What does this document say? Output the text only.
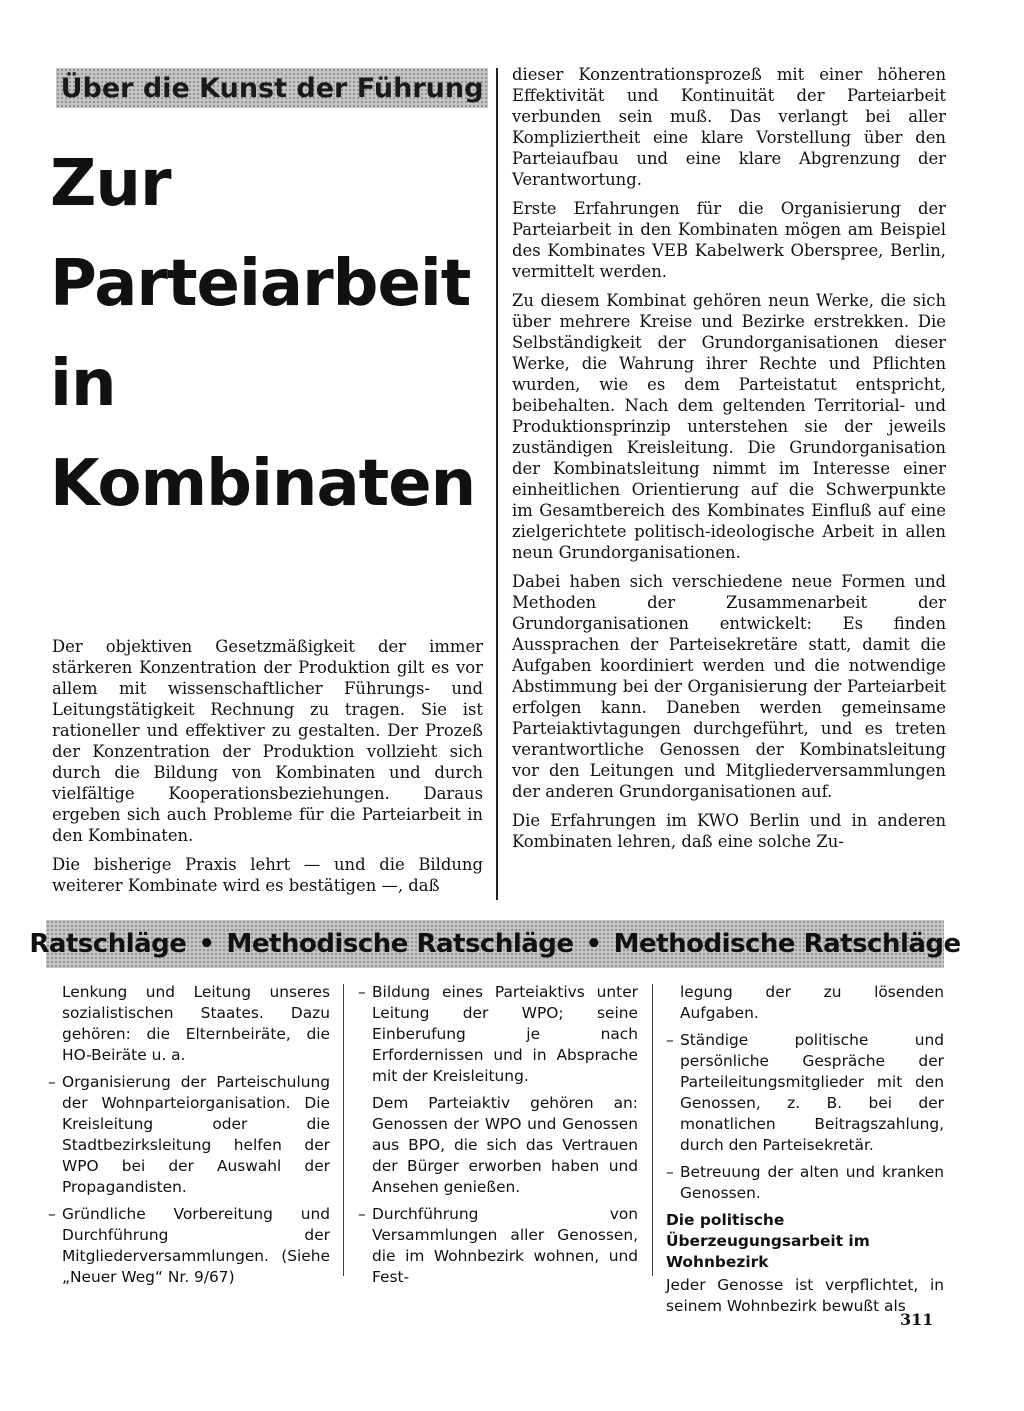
Über die Kunst der Führung
Zur
Parteiarbeit
in
Kombinaten

Der objektiven Gesetzmäßigkeit der immer stärkeren Konzentration der Produktion gilt es vor allem mit wissenschaftlicher Führungs- und Leitungstätigkeit Rechnung zu tragen. Sie ist rationeller und effektiver zu gestalten. Der Prozeß der Konzentration der Produktion vollzieht sich durch die Bildung von Kombinaten und durch vielfältige Kooperationsbeziehungen. Daraus ergeben sich auch Probleme für die Parteiarbeit in den Kombinaten.

Die bisherige Praxis lehrt — und die Bildung weiterer Kombinate wird es bestätigen —, daß

dieser Konzentrationsprozeß mit einer höheren Effektivität und Kontinuität der Parteiarbeit verbunden sein muß. Das verlangt bei aller Kompliziertheit eine klare Vorstellung über den Parteiaufbau und eine klare Abgrenzung der Verantwortung.

Erste Erfahrungen für die Organisierung der Parteiarbeit in den Kombinaten mögen am Beispiel des Kombinates VEB Kabelwerk Oberspree, Berlin, vermittelt werden.

Zu diesem Kombinat gehören neun Werke, die sich über mehrere Kreise und Bezirke erstrekken. Die Selbständigkeit der Grundorganisationen dieser Werke, die Wahrung ihrer Rechte und Pflichten wurden, wie es dem Parteistatut entspricht, beibehalten. Nach dem geltenden Territorial- und Produktionsprinzip unterstehen sie der jeweils zuständigen Kreisleitung. Die Grundorganisation der Kombinatsleitung nimmt im Interesse einer einheitlichen Orientierung auf die Schwerpunkte im Gesamtbereich des Kombinates Einfluß auf eine zielgerichtete politisch-ideologische Arbeit in allen neun Grundorganisationen.

Dabei haben sich verschiedene neue Formen und Methoden der Zusammenarbeit der Grundorganisationen entwickelt: Es finden Aussprachen der Parteisekretäre statt, damit die Aufgaben koordiniert werden und die notwendige Abstimmung bei der Organisierung der Parteiarbeit erfolgen kann. Daneben werden gemeinsame Parteiaktivtagungen durchgeführt, und es treten verantwortliche Genossen der Kombinatsleitung vor den Leitungen und Mitgliederversammlungen der anderen Grundorganisationen auf.

Die Erfahrungen im KWO Berlin und in anderen Kombinaten lehren, daß eine solche Zu-

Ratschläge • Methodische Ratschläge • Methodische Ratschläge

Lenkung und Leitung unseres sozialistischen Staates. Dazu gehören: die Elternbeiräte, die HO-Beiräte u. a.

– Organisierung der Parteischulung der Wohnparteiorganisation. Die Kreisleitung oder die Stadtbezirksleitung helfen der WPO bei der Auswahl der Propagandisten.
– Gründliche Vorbereitung und Durchführung der Mitgliederversammlungen. (Siehe „Neuer Weg“ Nr. 9/67)
– Bildung eines Parteiaktivs unter Leitung der WPO; seine Einberufung je nach Erfordernissen und in Absprache mit der Kreisleitung.

Dem Parteiaktiv gehören an: Genossen der WPO und Genossen aus BPO, die sich das Vertrauen der Bürger erworben haben und Ansehen genießen.

– Durchführung von Versammlungen aller Genossen, die im Wohnbezirk wohnen, und Fest-

legung der zu lösenden Aufgaben.

– Ständige politische und persönliche Gespräche der Parteileitungsmitglieder mit den Genossen, z. B. bei der monatlichen Beitragszahlung, durch den Parteisekretär.
– Betreuung der alten und kranken Genossen.
Die politische Überzeugungsarbeit im Wohnbezirk

Jeder Genosse ist verpflichtet, in seinem Wohnbezirk bewußt als

311
